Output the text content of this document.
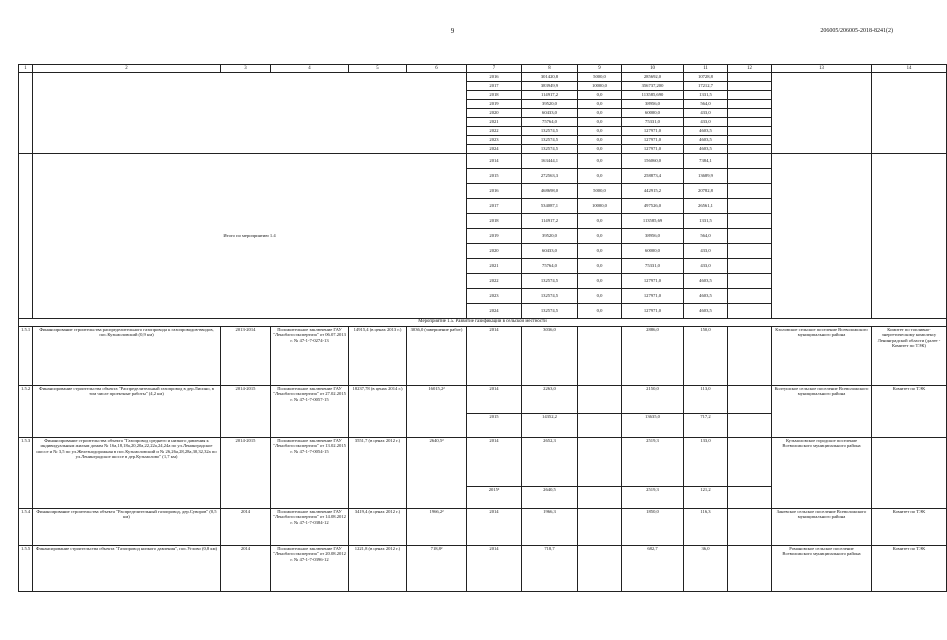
9	206005/206005-2018-8241(2)
1	2	3	4	5	6	7	8	9	10	11	12	13	14
						2016	301420,8	5000,0	285692,0	10728,8			
						2017	383949,9	10000,0	356737,200	17212,7			
						2018	114917,2	0,0	113585,690	1331,5			
						2019	39520,0	0,0	38956,0	564,0			
						2020	60433,0	0,0	60000,0	433,0			
						2021	75764,0	0,0	75331,0	433,0			
						2022	132574,5	0,0	127971,0	4603,5			
						2023	132574,5	0,0	127971,0	4603,5			
						2024	132574,5	0,0	127971,0	4603,5			
	Итого по мероприятию 1.4					2014	163444,1	0,0	156060,0	7384,1			
						2015	272563,3	0,0	258873,4	13689,9			
						2016	468698,0	5000,0	442915,2	20782,8			
						2017	534087,1	10000,0	497526,0	26561,1			
						2018	114917,2	0,0	113585,69	1331,5			
						2019	39520,0	0,0	38956,0	564,0			
						2020	60433,0	0,0	60000,0	433,0			
						2021	75764,0	0,0	75331,0	433,0			
						2022	132574,5	0,0	127971,0	4603,5			
						2023	132574,5	0,0	127971,0	4603,5			
						2024	132574,5	0,0	127971,0	4603,5			
Мероприятие 1.5. Развитие газификации в сельской местности													
1.5.1	Финансирование строительства распределительного газопровода к газопроводов-вводов, пос.Кузьмоловский (0,9 км)	2013-2014	Положительное заключение ГАУ "Леноблгосэкспертиза" от 06.07.2013 г. № 47-1-7-0274-13	14915,4 (в ценах 2013 г.)	3036,0 (завершение работ)	2014	3036,0		2886,0	150,0		Кзоловское сельское поселение Всеволожского муниципального района	Комитет по топливно-энергетическому комплексу Ленинградской области (далее - Комитет по ТЭК)
1.5.2	Финансирование строительства объекта "Распределительный газопровод в дер.Лисино, в том числе проектные работы" (4,2 км)	2014-2015	Положительное заключение ГАУ "Леноблгосэкспертиза" от 27.02.2015 г. № 47-1-7-0057-15	18237,78 (в ценах 2014 г.)	16015,2²	2014	2263,0		2150,0	113,0		Колтушское сельское поселение Всеволожского муниципального района	Комитет по ТЭК
						2015	14352,2		13635,0	717,2			
1.5.3	Финансирование строительства объекта "Газопровод среднего и низкого давления к индивидуальным жилым домам № 16а,18,18а,20,20а,22,22а,24,24а по ул.Ленинградское шоссе и № 3,5 по ул.Железнодорожная в пос.Кузьмоловский и № 26,26а,28,28а,30,32,32а по ул.Ленинградское шоссе в дер.Кузьмолово" (1,7 км)	2014-2015	Положительное заключение ГАУ "Леноблгосэкспертиза" от 13.02.2015 г. № 47-1-7-0054-15	3551,7 (в ценах 2012 г.)	2640,5³	2014	2652,3		2519,3	133,0		Кузьмоловское городское поселение Всеволожского муниципального района	
						2015³	2640,5		2519,3	121,2			
1.5.4	Финансирование строительства объекта "Распределительный газопровод, дер.Суворов" (0,5 км)	2014	Положительное заключение ГАУ "Леноблгосэкспертиза" от 14.08.2012 г. № 47-1-7-0384-12	3419,4 (в ценах 2012 г.)	1966,2²	2014	1966,3		1850,0	116,3		Заневское сельское поселение Всеволожского муниципального района	Комитет по ТЭК
1.5.5	Финансирование строительства объекта "Газопровод низкого давления", пос.Углово (0,8 км)	2014	Положительное заключение ГАУ "Леноблгосэкспертиза" от 20.08.2012 г. № 47-1-7-0396-12	1221,8 (в ценах 2012 г.)	718,8²	2014	718,7		682,7	36,0		Романовское сельское поселение Всеволожского муниципального района	Комитет по ТЭК
